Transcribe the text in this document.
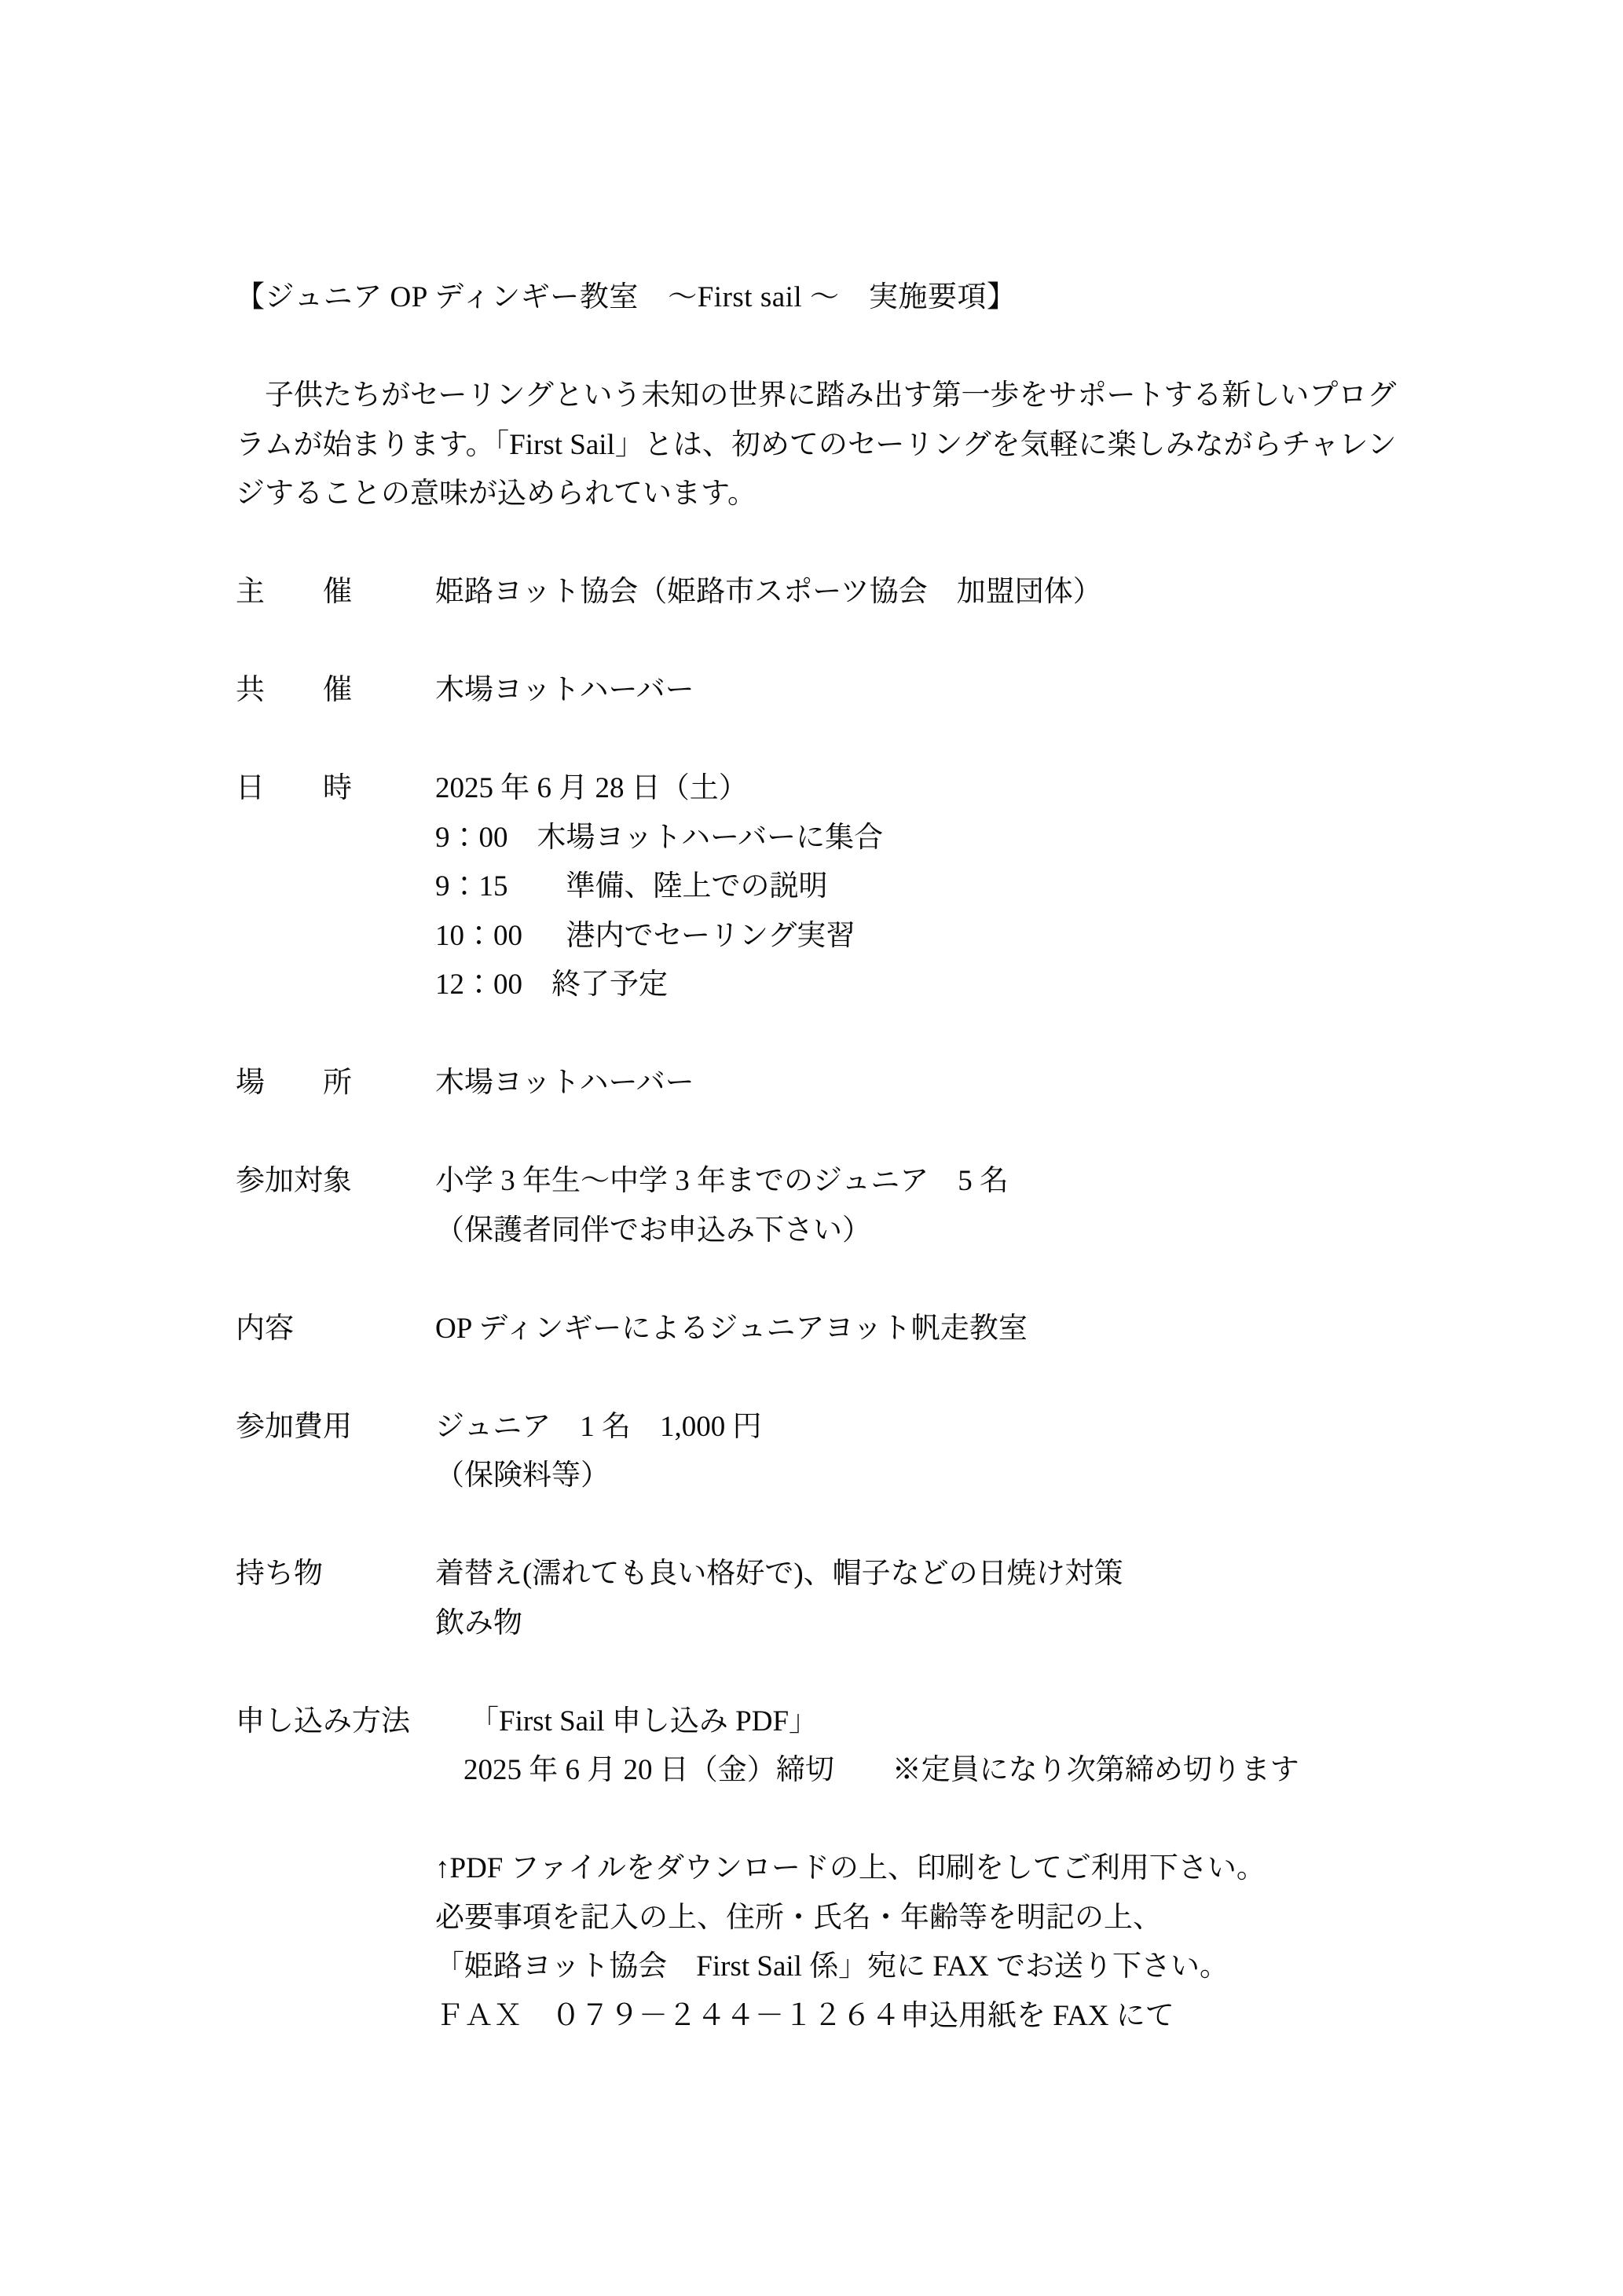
【ジュニア OP ディンギー教室　～First sail ～　実施要項】
　子供たちがセーリングという未知の世界に踏み出す第一歩をサポートする新しいプログ
ラムが始まります。「First Sail」とは、初めてのセーリングを気軽に楽しみながらチャレン
ジすることの意味が込められています。
主　　催	姫路ヨット協会（姫路市スポーツ協会　加盟団体）
共　　催	木場ヨットハーバー
日　　時	2025 年 6 月 28 日（土）
9：00　木場ヨットハーバーに集合
9：15　　準備、陸上での説明
10：00　  港内でセーリング実習
12：00　終了予定
場　　所	木場ヨットハーバー
参加対象	小学 3 年生～中学 3 年までのジュニア　5 名
（保護者同伴でお申込み下さい）
内容	OP ディンギーによるジュニアヨット帆走教室
参加費用	ジュニア　1 名　1,000 円
（保険料等）
持ち物	着替え(濡れても良い格好で)、帽子などの日焼け対策
飲み物
申し込み方法	「First Sail 申し込み PDF」
2025 年 6 月 20 日（金）締切　　※定員になり次第締め切ります
↑PDF ファイルをダウンロードの上、印刷をしてご利用下さい。
必要事項を記入の上、住所・氏名・年齢等を明記の上、
「姫路ヨット協会　First Sail 係」宛に FAX でお送り下さい。
ＦＡＸ　０７９－２４４－１２６４申込用紙を FAX にて
